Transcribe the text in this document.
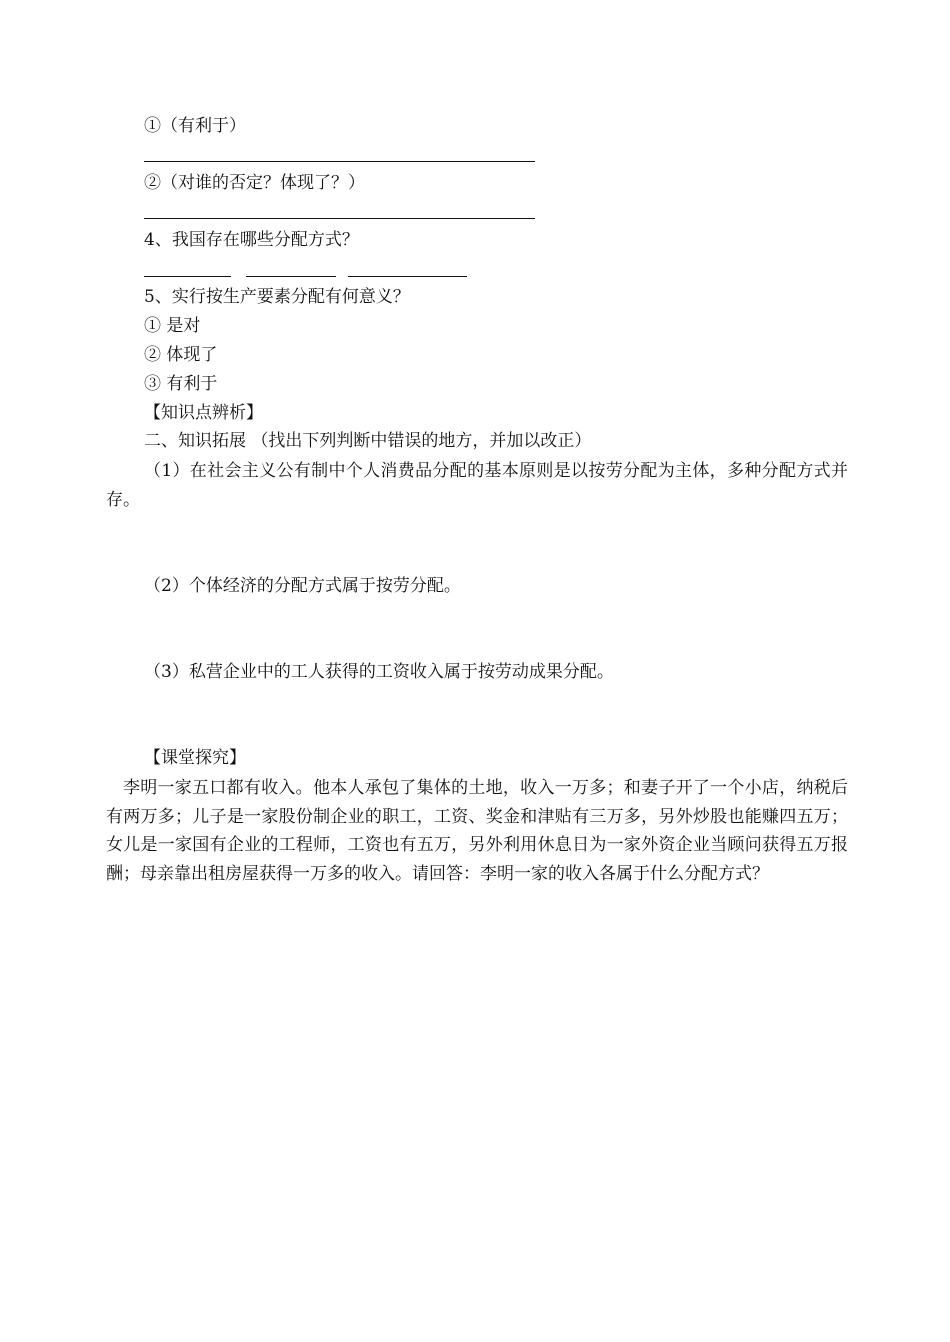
①（有利于）
②（对谁的否定？体现了？）
4、我国存在哪些分配方式？
5、实行按生产要素分配有何意义？
① 是对
② 体现了
③ 有利于
【知识点辨析】
二、知识拓展 （找出下列判断中错误的地方，并加以改正）
（1）在社会主义公有制中个人消费品分配的基本原则是以按劳分配为主体，多种分配方式并存。
（2）个体经济的分配方式属于按劳分配。
（3）私营企业中的工人获得的工资收入属于按劳动成果分配。
【课堂探究】
李明一家五口都有收入。他本人承包了集体的土地，收入一万多；和妻子开了一个小店，纳税后有两万多；儿子是一家股份制企业的职工，工资、奖金和津贴有三万多，另外炒股也能赚四五万；女儿是一家国有企业的工程师，工资也有五万，另外利用休息日为一家外资企业当顾问获得五万报酬；母亲靠出租房屋获得一万多的收入。请回答：李明一家的收入各属于什么分配方式？
